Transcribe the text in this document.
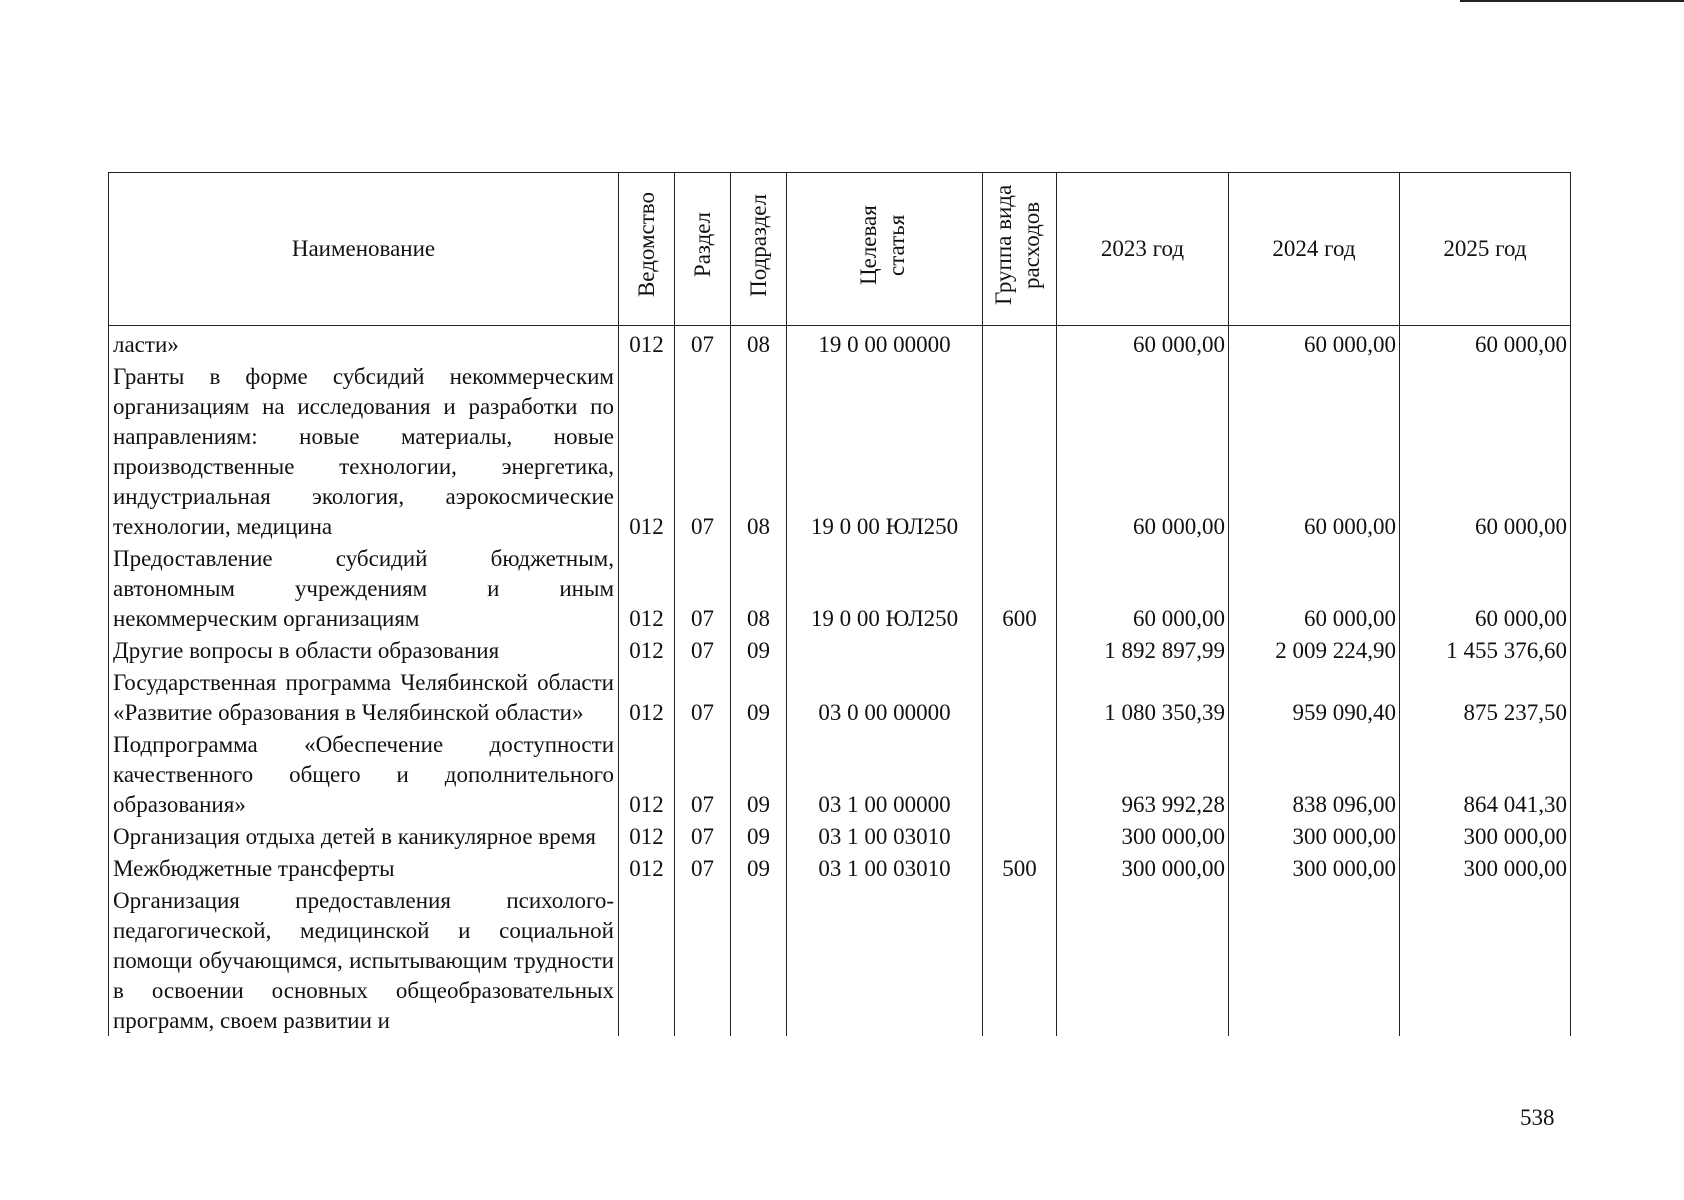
Наименование	Ведомство	Раздел	Подраздел	Целевая статья	Группа вида расходов	2023 год	2024 год	2025 год
ласти»	012	07	08	19 0 00 00000		60 000,00	60 000,00	60 000,00
Гранты в форме субсидий некоммерческим организациям на исследования и разработки по направлениям: новые материалы, новые производственные технологии, энергетика, индустриальная экология, аэрокосмические технологии, медицина	012	07	08	19 0 00 ЮЛ250		60 000,00	60 000,00	60 000,00
Предоставление субсидий бюджетным, автономным учреждениям и иным некоммерческим организациям	012	07	08	19 0 00 ЮЛ250	600	60 000,00	60 000,00	60 000,00
Другие вопросы в области образования	012	07	09			1 892 897,99	2 009 224,90	1 455 376,60
Государственная программа Челябинской области «Развитие образования в Челябинской области»	012	07	09	03 0 00 00000		1 080 350,39	959 090,40	875 237,50
Подпрограмма «Обеспечение доступности качественного общего и дополнительного образования»	012	07	09	03 1 00 00000		963 992,28	838 096,00	864 041,30
Организация отдыха детей в каникулярное время	012	07	09	03 1 00 03010		300 000,00	300 000,00	300 000,00
Межбюджетные трансферты	012	07	09	03 1 00 03010	500	300 000,00	300 000,00	300 000,00
Организация предоставления психолого-педагогической, медицинской и социальной помощи обучающимся, испытывающим трудности в освоении основных общеобразовательных программ, своем развитии и								
538
